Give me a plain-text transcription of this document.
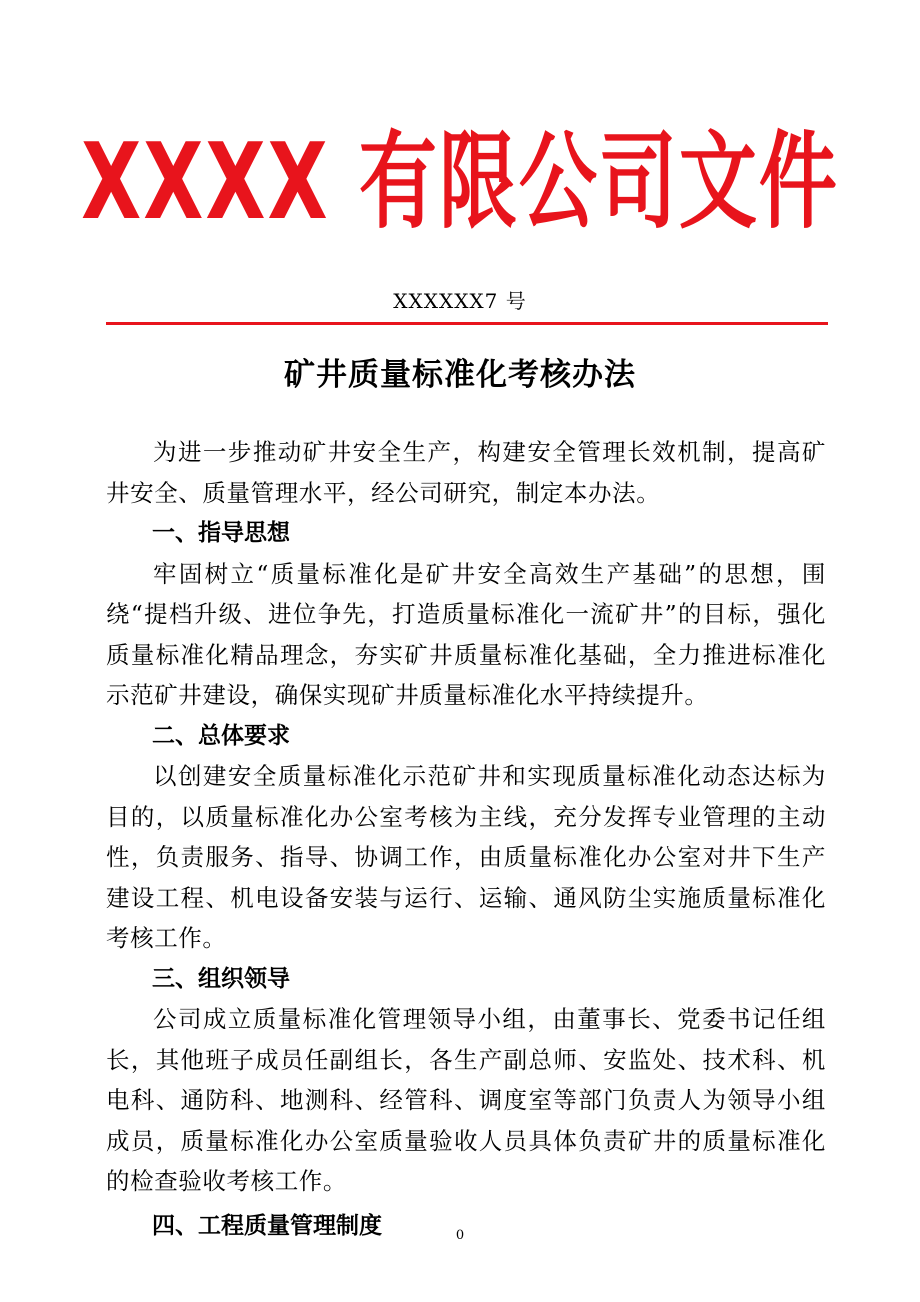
XXXX 有限公司文件
XXXXXX7 号
矿井质量标准化考核办法

为进一步推动矿井安全生产，构建安全管理长效机制，提高矿井安全、质量管理水平，经公司研究，制定本办法。

一、指导思想

牢固树立“质量标准化是矿井安全高效生产基础”的思想，围绕“提档升级、进位争先，打造质量标准化一流矿井”的目标，强化质量标准化精品理念，夯实矿井质量标准化基础，全力推进标准化示范矿井建设，确保实现矿井质量标准化水平持续提升。

二、总体要求

以创建安全质量标准化示范矿井和实现质量标准化动态达标为目的，以质量标准化办公室考核为主线，充分发挥专业管理的主动性，负责服务、指导、协调工作，由质量标准化办公室对井下生产建设工程、机电设备安装与运行、运输、通风防尘实施质量标准化考核工作。

三、组织领导

公司成立质量标准化管理领导小组，由董事长、党委书记任组长，其他班子成员任副组长，各生产副总师、安监处、技术科、机电科、通防科、地测科、经管科、调度室等部门负责人为领导小组成员，质量标准化办公室质量验收人员具体负责矿井的质量标准化的检查验收考核工作。

四、工程质量管理制度	0
